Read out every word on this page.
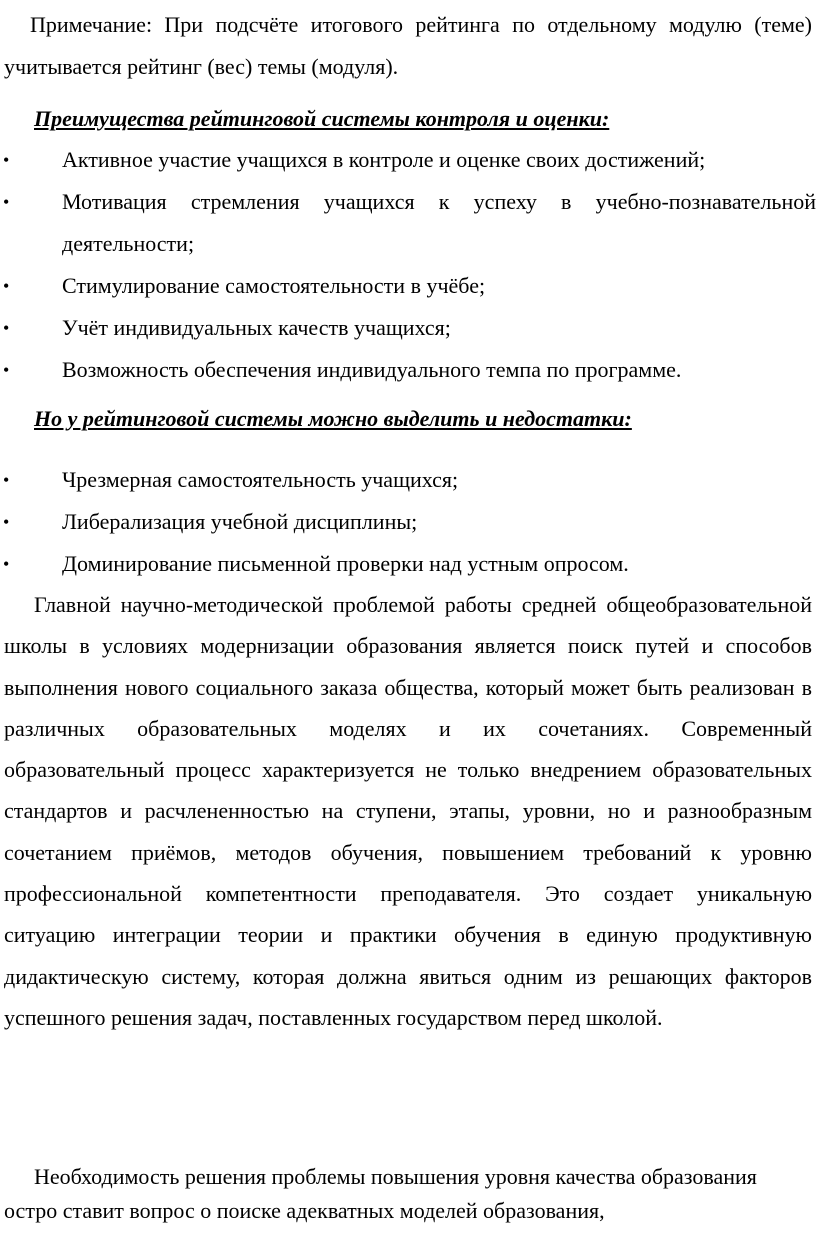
Примечание: При подсчёте итогового рейтинга по отдельному модулю (теме) учитывается рейтинг (вес) темы (модуля).

Преимущества рейтинговой системы контроля и оценки:

• Активное участие учащихся в контроле и оценке своих достижений;
• Мотивация стремления учащихся к успеху в учебно-познавательной деятельности;
• Стимулирование самостоятельности в учёбе;
• Учёт индивидуальных качеств учащихся;
• Возможность обеспечения индивидуального темпа по программе.

Но у рейтинговой системы можно выделить и недостатки:

• Чрезмерная самостоятельность учащихся;
• Либерализация учебной дисциплины;
• Доминирование письменной проверки над устным опросом.

Главной научно-методической проблемой работы средней общеобразовательной школы в условиях модернизации образования является поиск путей и способов выполнения нового социального заказа общества, который может быть реализован в различных образовательных моделях и их сочетаниях. Современный образовательный процесс характеризуется не только внедрением образовательных стандартов и расчлененностью на ступени, этапы, уровни, но и разнообразным сочетанием приёмов, методов обучения, повышением требований к уровню профессиональной компетентности преподавателя. Это создает уникальную ситуацию интеграции теории и практики обучения в единую продуктивную дидактическую систему, которая должна явиться одним из решающих факторов успешного решения задач, поставленных государством перед школой.

Необходимость решения проблемы повышения уровня качества образования остро ставит вопрос о поиске адекватных моделей образования,
